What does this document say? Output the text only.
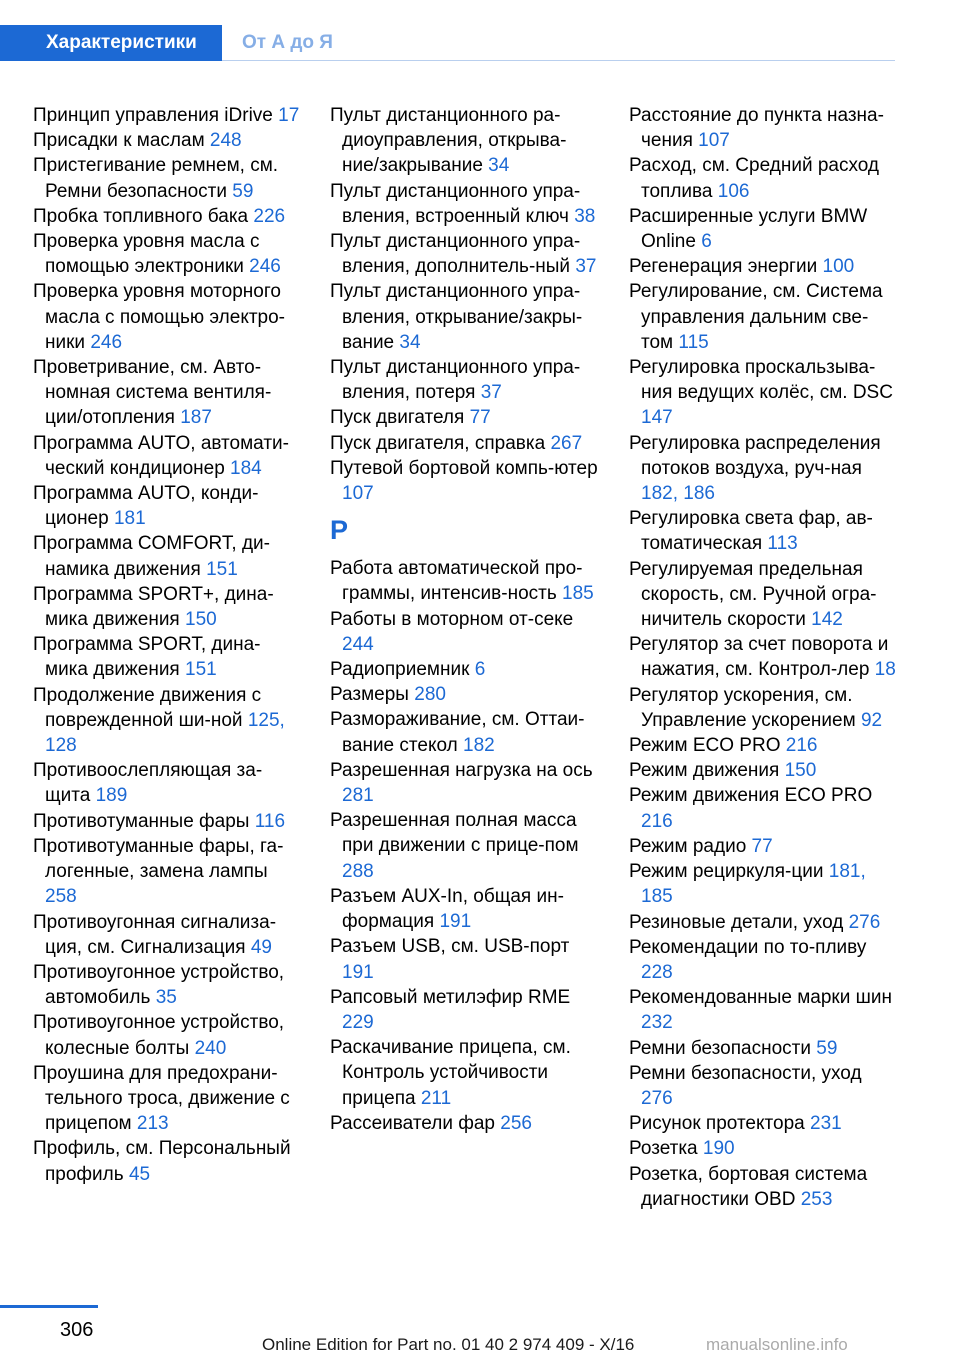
Характеристики	От А до Я
Принцип управления iDrive 17
Присадки к маслам 248
Пристегивание ремнем, см. Ремни безопасности 59
Пробка топливного бака 226
Проверка уровня масла с помощью электроники 246
Проверка уровня моторного масла с помощью электро‐ники 246
Проветривание, см. Авто‐номная система вентиля‐ции/отопления 187
Программа AUTO, автомати‐ческий кондиционер 184
Программа AUTO, конди‐ционер 181
Программа COMFORT, ди‐намика движения 151
Программа SPORT+, дина‐мика движения 150
Программа SPORT, дина‐мика движения 151
Продолжение движения с поврежденной ши‐ной 125, 128
Противоослепляющая за‐щита 189
Противотуманные фары 116
Противотуманные фары, га‐логенные, замена лампы 258
Противоугонная сигнализа‐ция, см. Сигнализация 49
Противоугонное устройство, автомобиль 35
Противоугонное устройство, колесные болты 240
Проушина для предохрани‐тельного троса, движение с прицепом 213
Профиль, см. Персональный профиль 45
Пульт дистанционного ра‐диоуправления, открыва‐ние/закрывание 34
Пульт дистанционного упра‐вления, встроенный ключ 38
Пульт дистанционного упра‐вления, дополнитель‐ный 37
Пульт дистанционного упра‐вления, открывание/закры‐вание 34
Пульт дистанционного упра‐вления, потеря 37
Пуск двигателя 77
Пуск двигателя, справка 267
Путевой бортовой компь‐ютер 107
Р
Работа автоматической про‐граммы, интенсив‐ность 185
Работы в моторном от‐секе 244
Радиоприемник 6
Размеры 280
Размораживание, см. Оттаи‐вание стекол 182
Разрешенная нагрузка на ось 281
Разрешенная полная масса при движении с прице‐пом 288
Разъем AUX-In, общая ин‐формация 191
Разъем USB, см. USB-порт 191
Рапсовый метилэфир RME 229
Раскачивание прицепа, см. Контроль устойчивости прицепа 211
Рассеиватели фар 256
Расстояние до пункта назна‐чения 107
Расход, см. Средний расход топлива 106
Расширенные услуги BMW Online 6
Регенерация энергии 100
Регулирование, см. Система управления дальним све‐том 115
Регулировка проскальзыва‐ния ведущих колёс, см. DSC 147
Регулировка распределения потоков воздуха, руч‐ная 182, 186
Регулировка света фар, ав‐томатическая 113
Регулируемая предельная скорость, см. Ручной огра‐ничитель скорости 142
Регулятор за счет поворота и нажатия, см. Контрол‐лер 18
Регулятор ускорения, см. Управление ускорением 92
Режим ECO PRO 216
Режим движения 150
Режим движения ECO PRO 216
Режим радио 77
Режим рециркуля‐ции 181, 185
Резиновые детали, уход 276
Рекомендации по то‐пливу 228
Рекомендованные марки шин 232
Ремни безопасности 59
Ремни безопасности, уход 276
Рисунок протектора 231
Розетка 190
Розетка, бортовая система диагностики OBD 253
306
Online Edition for Part no. 01 40 2 974 409 - X/16	manualsonline.info
